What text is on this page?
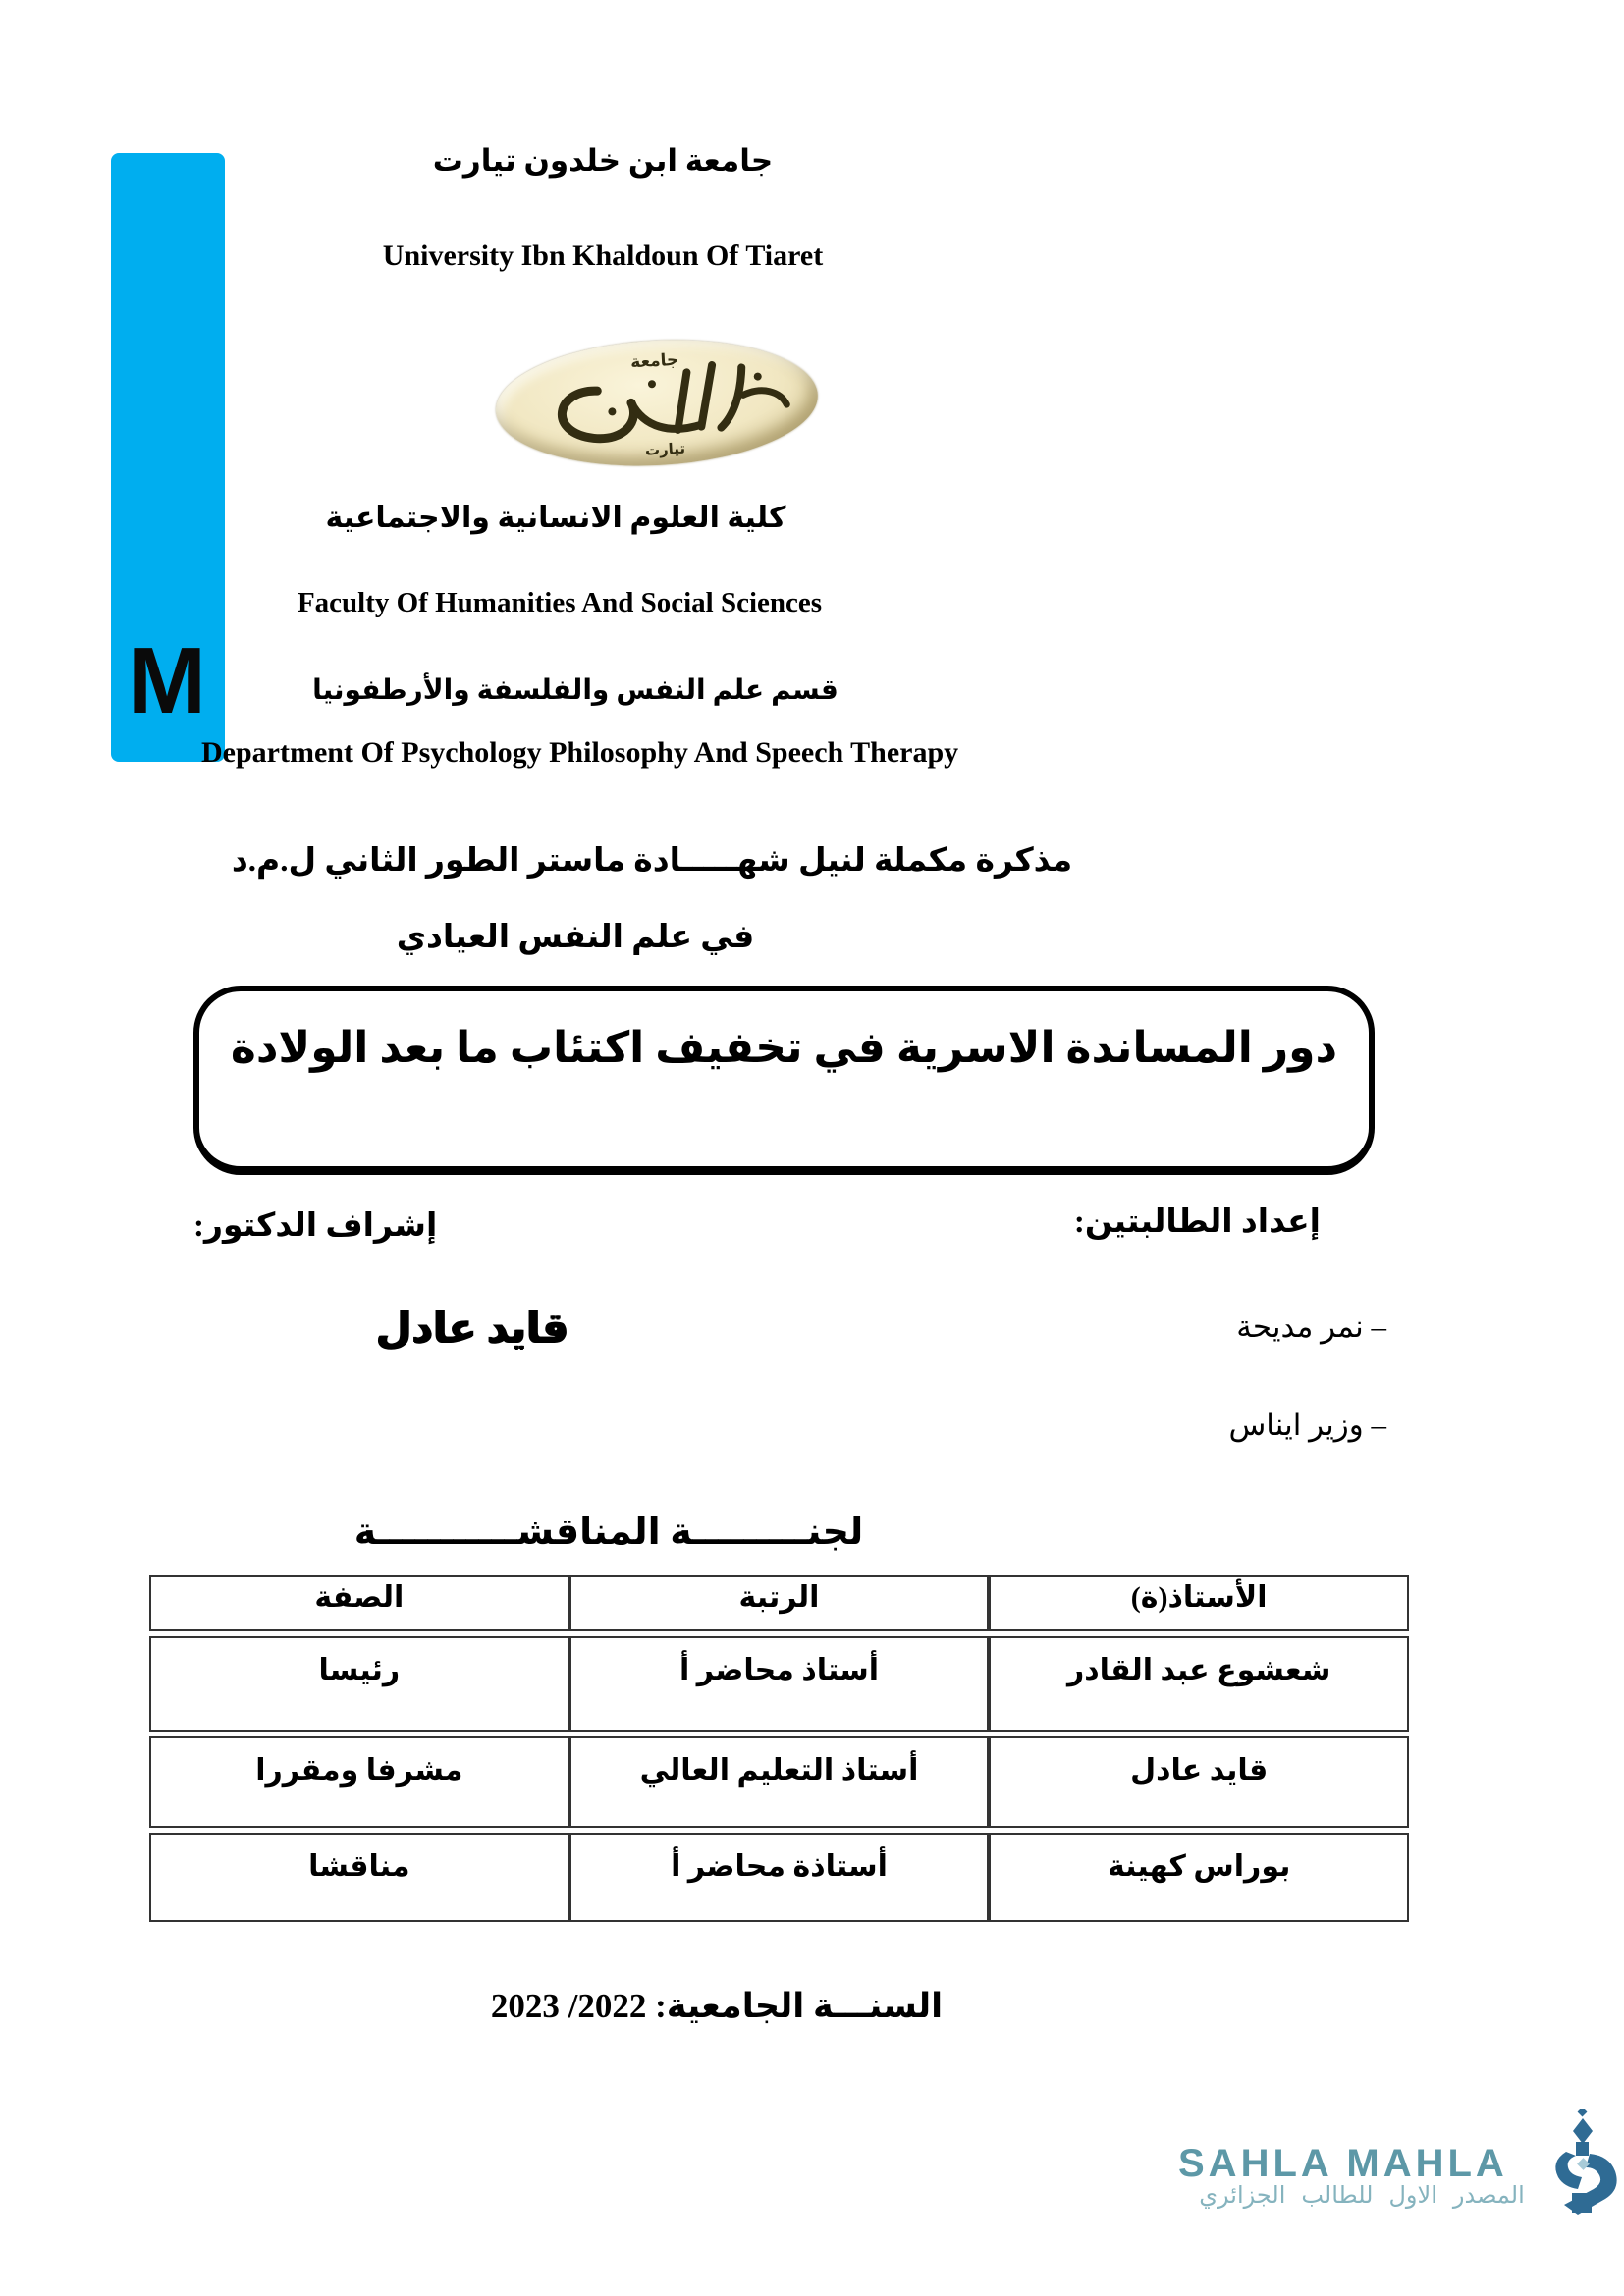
M
جامعة ابن خلدون تيارت
University Ibn Khaldoun Of Tiaret
جامعة
تيارت
كلية العلوم الانسانية والاجتماعية
Faculty Of Humanities And Social Sciences
قسم علم النفس والفلسفة والأرطفونيا
Department Of Psychology Philosophy And Speech Therapy
مذكرة مكملة لنيل شهـــــادة ماستر الطور الثاني ل.م.د
في علم النفس العيادي
دور المساندة الاسرية في تخفيف اكتئاب ما بعد الولادة
إعداد الطالبتين:
إشراف الدكتور:
– نمر مديحة
قايد عادل
– وزير ايناس
لجنـــــــــة المناقشـــــــــــة
الأستاذ(ة)	الرتبة	الصفة
شعشوع عبد القادر	أستاذ محاضر أ	رئيسا
قايد عادل	أستاذ التعليم العالي	مشرفا ومقررا
بوراس كهينة	أستاذة محاضر أ	مناقشا
السنـــة الجامعية: 2022/ 2023
SAHLA MAHLA
المصدر الاول للطالب الجزائري
